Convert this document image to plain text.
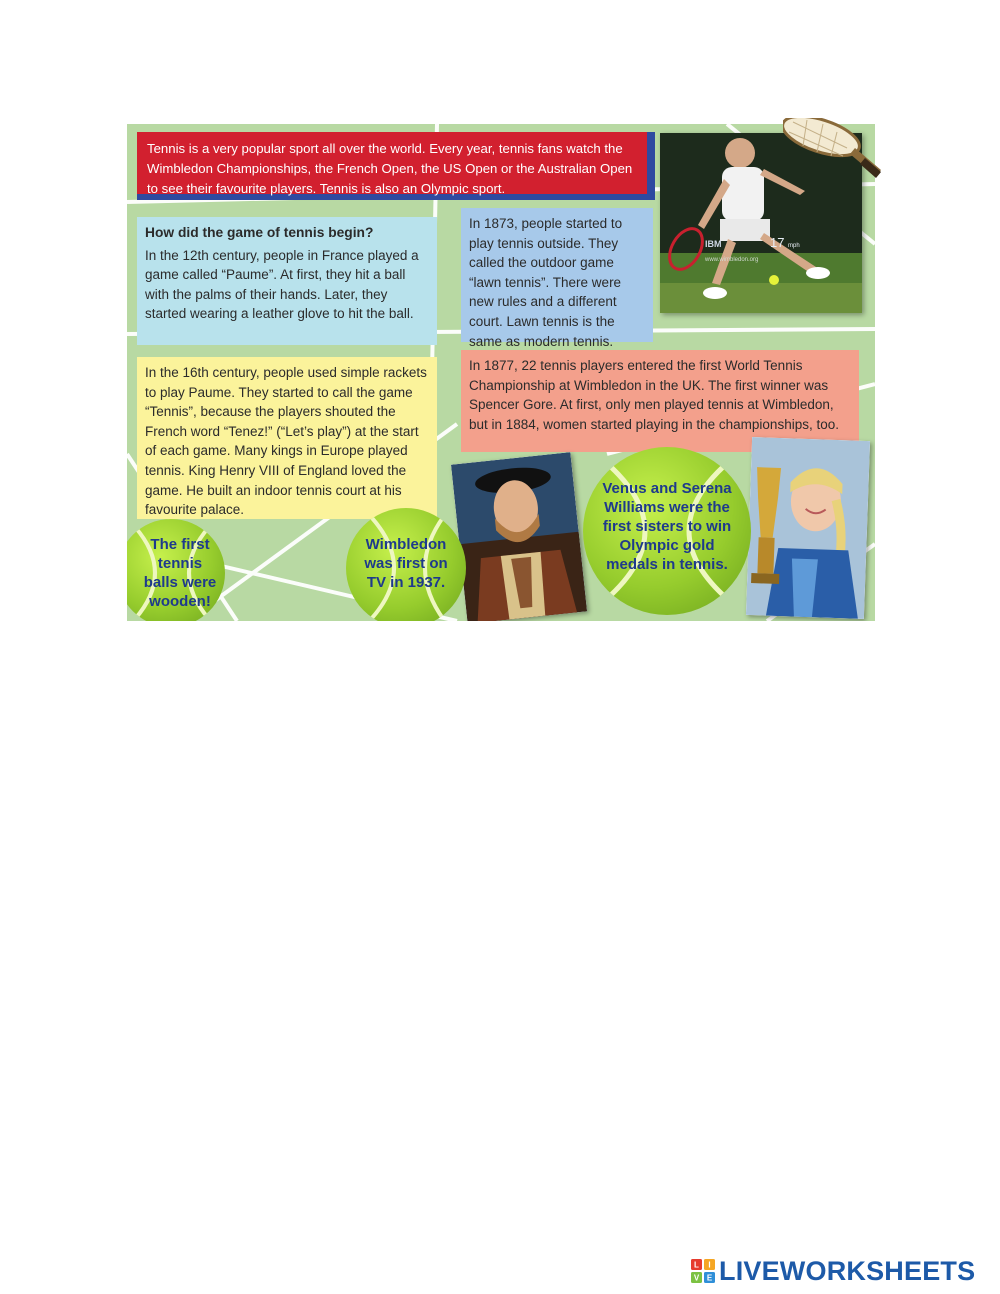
Tennis is a very popular sport all over the world. Every year, tennis fans watch the Wimbledon Championships, the French Open, the US Open or the Australian Open to see their favourite players. Tennis is also an Olympic sport.
How did the game of tennis begin?
In the 12th century, people in France played a game called “Paume”. At first, they hit a ball with the palms of their hands. Later, they started wearing a leather glove to hit the ball.
In 1873, people started to play tennis outside. They called the outdoor game “lawn tennis”. There were new rules and a different court. Lawn tennis is the same as modern tennis.
In the 16th century, people used simple rackets to play Paume. They started to call the game “Tennis”, because the players shouted the French word “Tenez!” (“Let’s play”) at the start of each game. Many kings in Europe played tennis. King Henry VIII of England loved the game. He built an indoor tennis court at his favourite palace.
In 1877, 22 tennis players entered the first World Tennis Championship at Wimbledon in the UK. The first winner was Spencer Gore. At first, only men played tennis at Wimbledon, but in 1884, women started playing in the championships, too.
IBM	17 mph
www.wimbledon.org
The first tennis balls were wooden!
Wimbledon was first on TV in 1937.
Venus and Serena Williams were the first sisters to win Olympic gold medals in tennis.
L I
V E LIVEWORKSHEETS
